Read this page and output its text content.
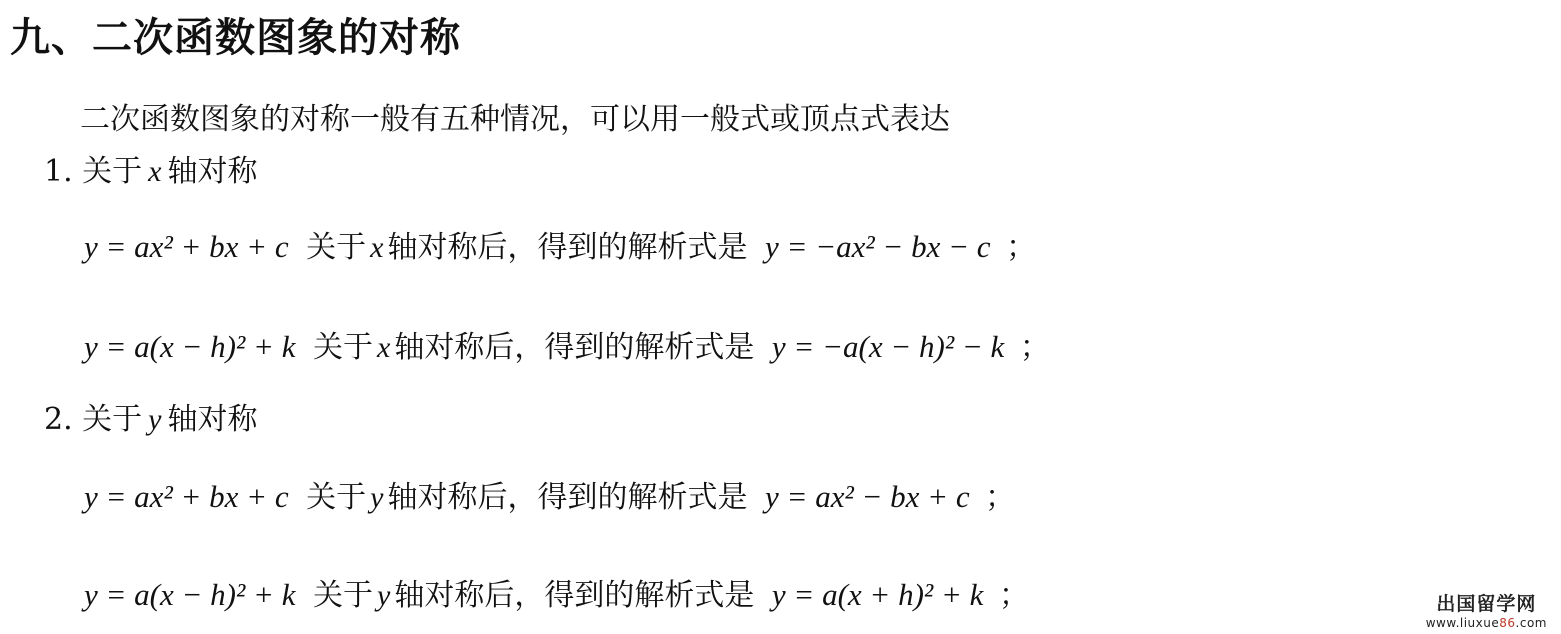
九、二次函数图象的对称
二次函数图象的对称一般有五种情况，可以用一般式或顶点式表达
1. 关于 x 轴对称
y = ax² + bx + c 关于 x 轴对称后，得到的解析式是 y = −ax² − bx − c ；
y = a(x − h)² + k 关于 x 轴对称后，得到的解析式是 y = −a(x − h)² − k ；
2. 关于 y 轴对称
y = ax² + bx + c 关于 y 轴对称后，得到的解析式是 y = ax² − bx + c ；
y = a(x − h)² + k 关于 y 轴对称后，得到的解析式是 y = a(x + h)² + k ；	出国留学网
www.liuxue86.com
